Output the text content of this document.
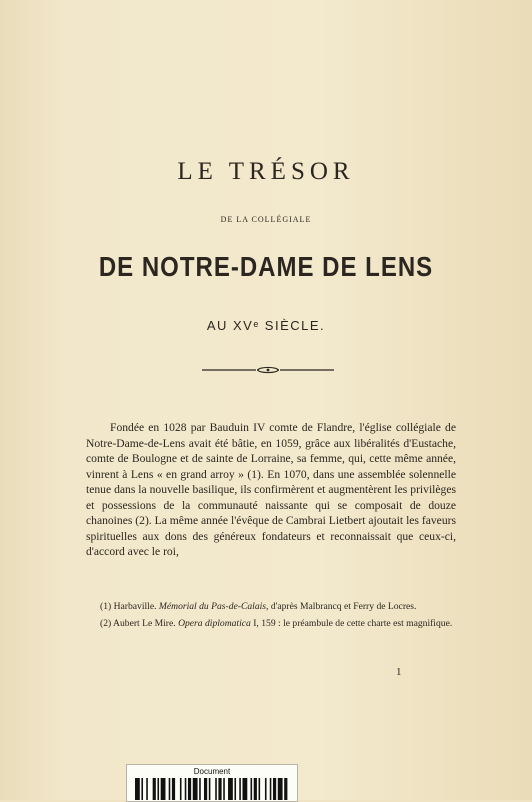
LE TRÉSOR
DE LA COLLÉGIALE
DE NOTRE-DAME DE LENS
AU XVᵉ SIÈCLE.

Fondée en 1028 par Bauduin IV comte de Flandre, l'église collégiale de Notre-Dame-de-Lens avait été bâtie, en 1059, grâce aux libéralités d'Eustache, comte de Boulogne et de sainte de Lorraine, sa femme, qui, cette même année, vinrent à Lens « en grand arroy » (1). En 1070, dans une assemblée solennelle tenue dans la nouvelle basilique, ils confirmèrent et augmentèrent les privilèges et possessions de la communauté naissante qui se composait de douze chanoines (2). La même année l'évêque de Cambrai Lietbert ajoutait les faveurs spirituelles aux dons des généreux fondateurs et reconnaissait que ceux-ci, d'accord avec le roi,

(1) Harbaville. Mémorial du Pas-de-Calais, d'après Malbrancq et Ferry de Locres.

(2) Aubert Le Mire. Opera diplomatica I, 159 : le préambule de cette charte est magnifique.

1
Document
